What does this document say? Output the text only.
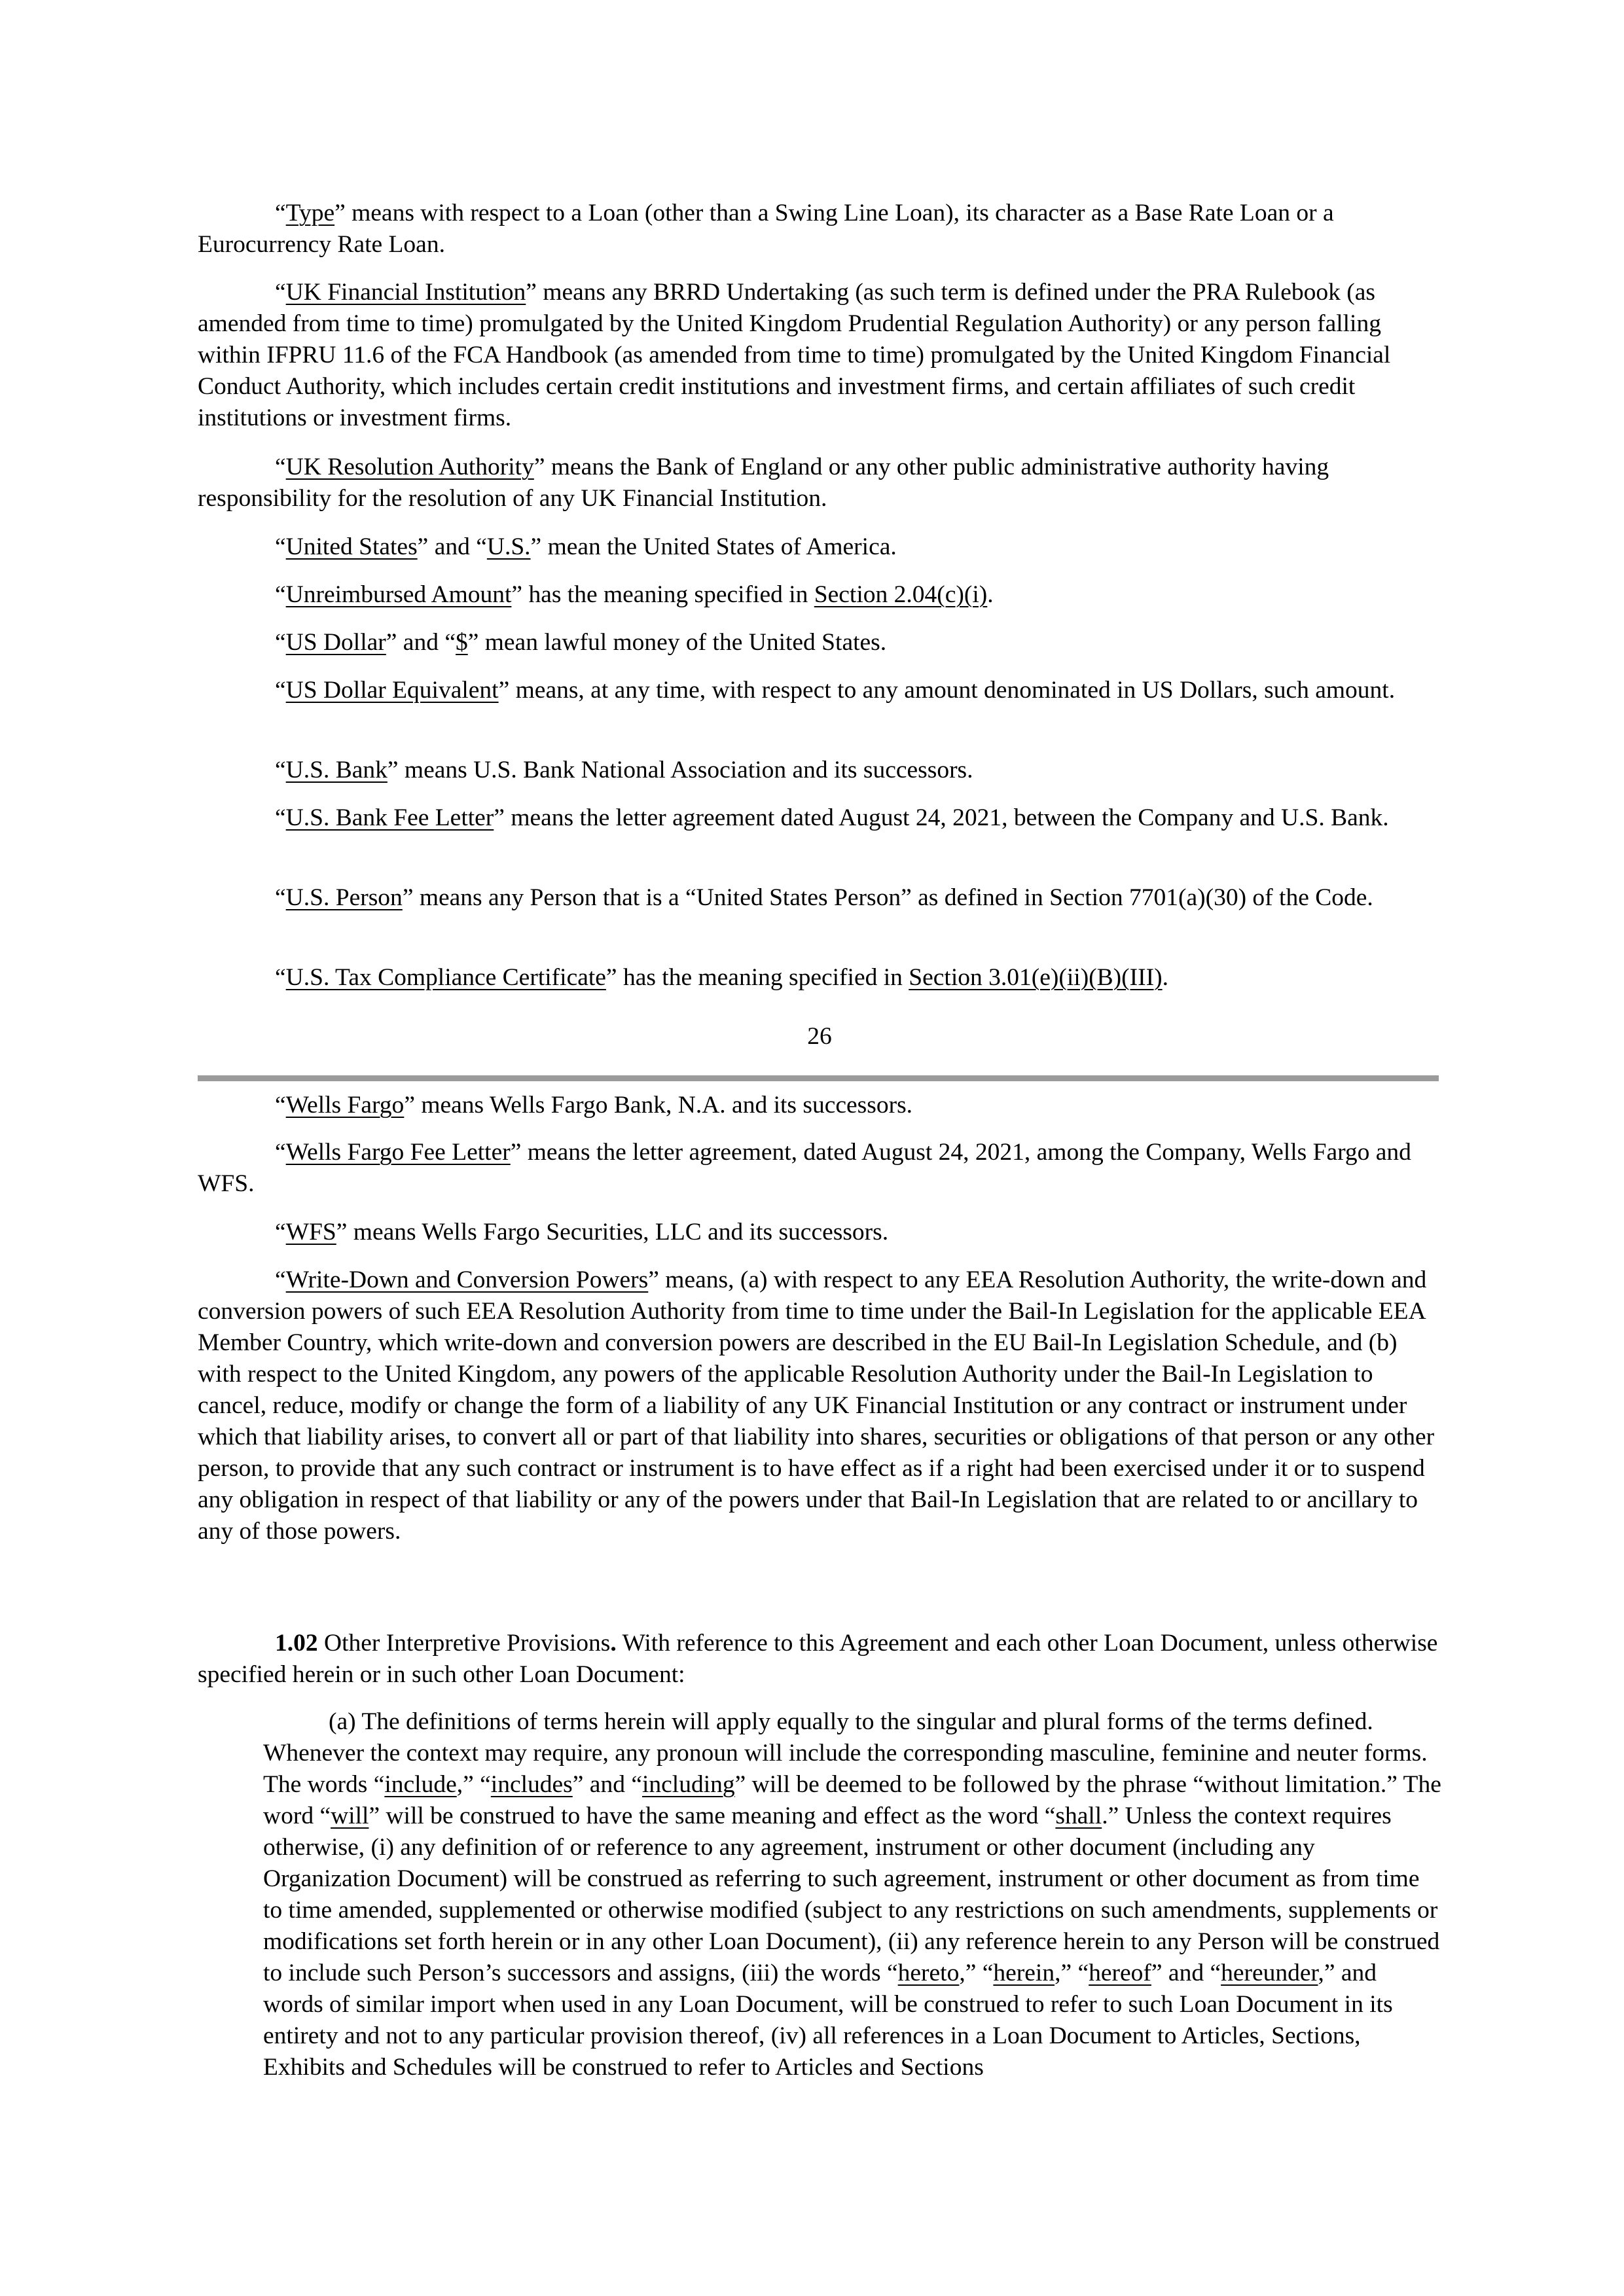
“Type” means with respect to a Loan (other than a Swing Line Loan), its character as a Base Rate Loan or a Eurocurrency Rate Loan.

“UK Financial Institution” means any BRRD Undertaking (as such term is defined under the PRA Rulebook (as amended from time to time) promulgated by the United Kingdom Prudential Regulation Authority) or any person falling within IFPRU 11.6 of the FCA Handbook (as amended from time to time) promulgated by the United Kingdom Financial Conduct Authority, which includes certain credit institutions and investment firms, and certain affiliates of such credit institutions or investment firms.

“UK Resolution Authority” means the Bank of England or any other public administrative authority having responsibility for the resolution of any UK Financial Institution.

“United States” and “U.S.” mean the United States of America.

“Unreimbursed Amount” has the meaning specified in Section 2.04(c)(i).

“US Dollar” and “$” mean lawful money of the United States.

“US Dollar Equivalent” means, at any time, with respect to any amount denominated in US Dollars, such amount.

“U.S. Bank” means U.S. Bank National Association and its successors.

“U.S. Bank Fee Letter” means the letter agreement dated August 24, 2021, between the Company and U.S. Bank.

“U.S. Person” means any Person that is a “United States Person” as defined in Section 7701(a)(30) of the Code.

“U.S. Tax Compliance Certificate” has the meaning specified in Section 3.01(e)(ii)(B)(III).

26

“Wells Fargo” means Wells Fargo Bank, N.A. and its successors.

“Wells Fargo Fee Letter” means the letter agreement, dated August 24, 2021, among the Company, Wells Fargo and WFS.

“WFS” means Wells Fargo Securities, LLC and its successors.

“Write-Down and Conversion Powers” means, (a) with respect to any EEA Resolution Authority, the write-down and conversion powers of such EEA Resolution Authority from time to time under the Bail-In Legislation for the applicable EEA Member Country, which write-down and conversion powers are described in the EU Bail-In Legislation Schedule, and (b) with respect to the United Kingdom, any powers of the applicable Resolution Authority under the Bail-In Legislation to cancel, reduce, modify or change the form of a liability of any UK Financial Institution or any contract or instrument under which that liability arises, to convert all or part of that liability into shares, securities or obligations of that person or any other person, to provide that any such contract or instrument is to have effect as if a right had been exercised under it or to suspend any obligation in respect of that liability or any of the powers under that Bail-In Legislation that are related to or ancillary to any of those powers.

1.02 Other Interpretive Provisions. With reference to this Agreement and each other Loan Document, unless otherwise specified herein or in such other Loan Document:

(a) The definitions of terms herein will apply equally to the singular and plural forms of the terms defined. Whenever the context may require, any pronoun will include the corresponding masculine, feminine and neuter forms. The words “include,” “includes” and “including” will be deemed to be followed by the phrase “without limitation.” The word “will” will be construed to have the same meaning and effect as the word “shall.” Unless the context requires otherwise, (i) any definition of or reference to any agreement, instrument or other document (including any Organization Document) will be construed as referring to such agreement, instrument or other document as from time to time amended, supplemented or otherwise modified (subject to any restrictions on such amendments, supplements or modifications set forth herein or in any other Loan Document), (ii) any reference herein to any Person will be construed to include such Person’s successors and assigns, (iii) the words “hereto,” “herein,” “hereof” and “hereunder,” and words of similar import when used in any Loan Document, will be construed to refer to such Loan Document in its entirety and not to any particular provision thereof, (iv) all references in a Loan Document to Articles, Sections, Exhibits and Schedules will be construed to refer to Articles and Sections
